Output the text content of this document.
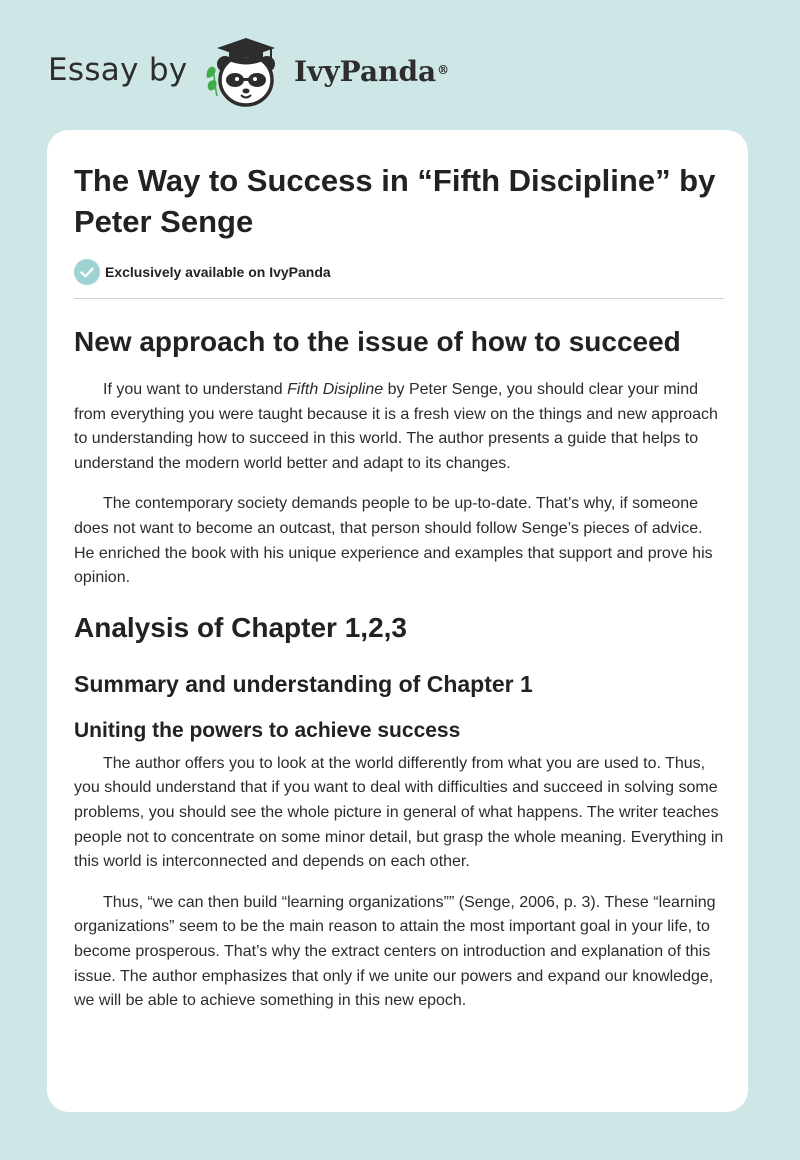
Essay by	IvyPanda®
The Way to Success in “Fifth Discipline” by Peter Senge
Exclusively available on IvyPanda
New approach to the issue of how to succeed

If you want to understand Fifth Disipline by Peter Senge, you should clear your mind from everything you were taught because it is a fresh view on the things and new approach to understanding how to succeed in this world. The author presents a guide that helps to understand the modern world better and adapt to its changes.

The contemporary society demands people to be up-to-date. That’s why, if someone does not want to become an outcast, that person should follow Senge’s pieces of advice. He enriched the book with his unique experience and examples that support and prove his opinion.

Analysis of Chapter 1,2,3
Summary and understanding of Chapter 1
Uniting the powers to achieve success

The author offers you to look at the world differently from what you are used to. Thus, you should understand that if you want to deal with difficulties and succeed in solving some problems, you should see the whole picture in general of what happens. The writer teaches people not to concentrate on some minor detail, but grasp the whole meaning. Everything in this world is interconnected and depends on each other.

Thus, “we can then build “learning organizations”” (Senge, 2006, p. 3). These “learning organizations” seem to be the main reason to attain the most important goal in your life, to become prosperous. That’s why the extract centers on introduction and explanation of this issue. The author emphasizes that only if we unite our powers and expand our knowledge, we will be able to achieve something in this new epoch.
